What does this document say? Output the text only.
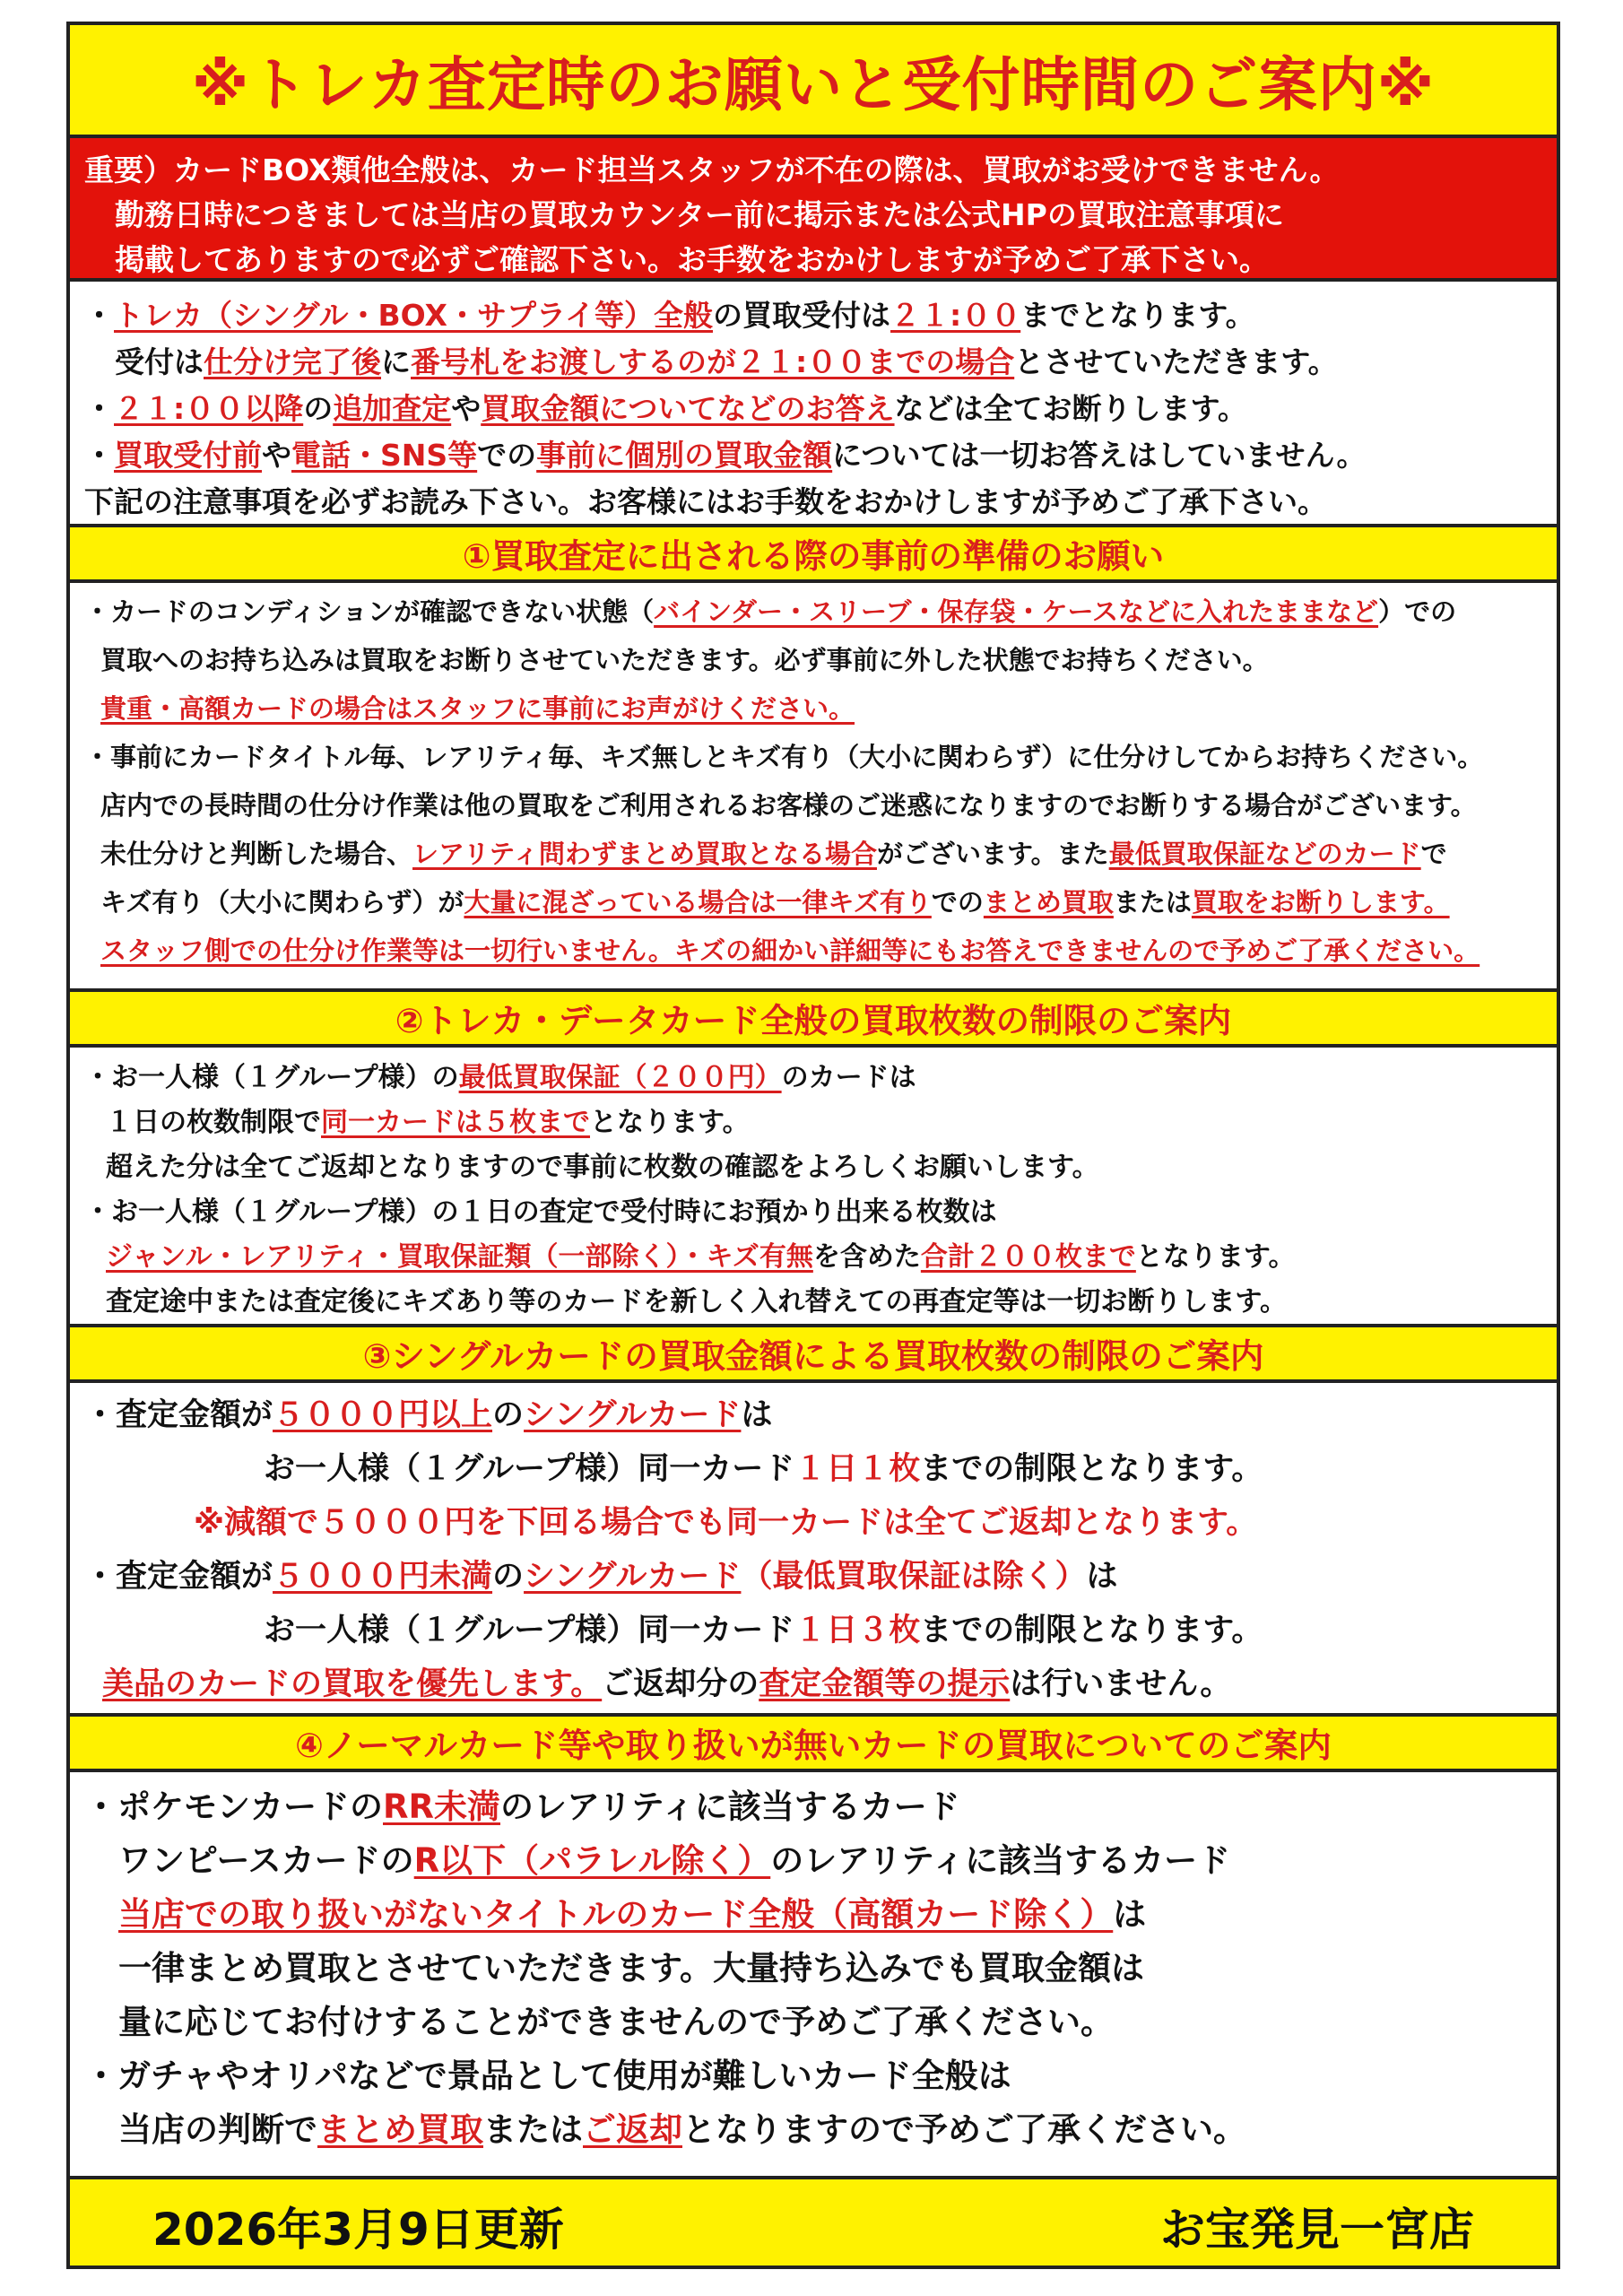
※トレカ査定時のお願いと受付時間のご案内※
重要）カードBOX類他全般は、カード担当スタッフが不在の際は、買取がお受けできません。
勤務日時につきましては当店の買取カウンター前に掲示または公式HPの買取注意事項に
掲載してありますので必ずご確認下さい。お手数をおかけしますが予めご了承下さい。
・トレカ（シングル・BOX・サプライ等）全般の買取受付は２１:００までとなります。
受付は仕分け完了後に番号札をお渡しするのが２１:００までの場合とさせていただきます。
・２１:００以降の追加査定や買取金額についてなどのお答えなどは全てお断りします。
・買取受付前や電話・SNS等での事前に個別の買取金額については一切お答えはしていません。
下記の注意事項を必ずお読み下さい。お客様にはお手数をおかけしますが予めご了承下さい。
①買取査定に出される際の事前の準備のお願い
・カードのコンディションが確認できない状態（バインダー・スリーブ・保存袋・ケースなどに入れたままなど）での
買取へのお持ち込みは買取をお断りさせていただきます。必ず事前に外した状態でお持ちください。
貴重・高額カードの場合はスタッフに事前にお声がけください。
・事前にカードタイトル毎、レアリティ毎、キズ無しとキズ有り（大小に関わらず）に仕分けしてからお持ちください。
店内での長時間の仕分け作業は他の買取をご利用されるお客様のご迷惑になりますのでお断りする場合がございます。
未仕分けと判断した場合、レアリティ問わずまとめ買取となる場合がございます。また最低買取保証などのカードで
キズ有り（大小に関わらず）が大量に混ざっている場合は一律キズ有りでのまとめ買取または買取をお断りします。
スタッフ側での仕分け作業等は一切行いません。キズの細かい詳細等にもお答えできませんので予めご了承ください。
②トレカ・データカード全般の買取枚数の制限のご案内
・お一人様（１グループ様）の最低買取保証（２００円）のカードは
１日の枚数制限で同一カードは５枚までとなります。
超えた分は全てご返却となりますので事前に枚数の確認をよろしくお願いします。
・お一人様（１グループ様）の１日の査定で受付時にお預かり出来る枚数は
ジャンル・レアリティ・買取保証類（一部除く）・キズ有無を含めた合計２００枚までとなります。
査定途中または査定後にキズあり等のカードを新しく入れ替えての再査定等は一切お断りします。
③シングルカードの買取金額による買取枚数の制限のご案内
・査定金額が５０００円以上のシングルカードは
お一人様（１グループ様）同一カード１日１枚までの制限となります。
※減額で５０００円を下回る場合でも同一カードは全てご返却となります。
・査定金額が５０００円未満のシングルカード（最低買取保証は除く）は
お一人様（１グループ様）同一カード１日３枚までの制限となります。
美品のカードの買取を優先します。ご返却分の査定金額等の提示は行いません。
④ノーマルカード等や取り扱いが無いカードの買取についてのご案内
・ポケモンカードのRR未満のレアリティに該当するカード
ワンピースカードのR以下（パラレル除く）のレアリティに該当するカード
当店での取り扱いがないタイトルのカード全般（高額カード除く）は
一律まとめ買取とさせていただきます。大量持ち込みでも買取金額は
量に応じてお付けすることができませんので予めご了承ください。
・ガチャやオリパなどで景品として使用が難しいカード全般は
当店の判断でまとめ買取またはご返却となりますので予めご了承ください。
2026年3月9日更新	お宝発見一宮店
